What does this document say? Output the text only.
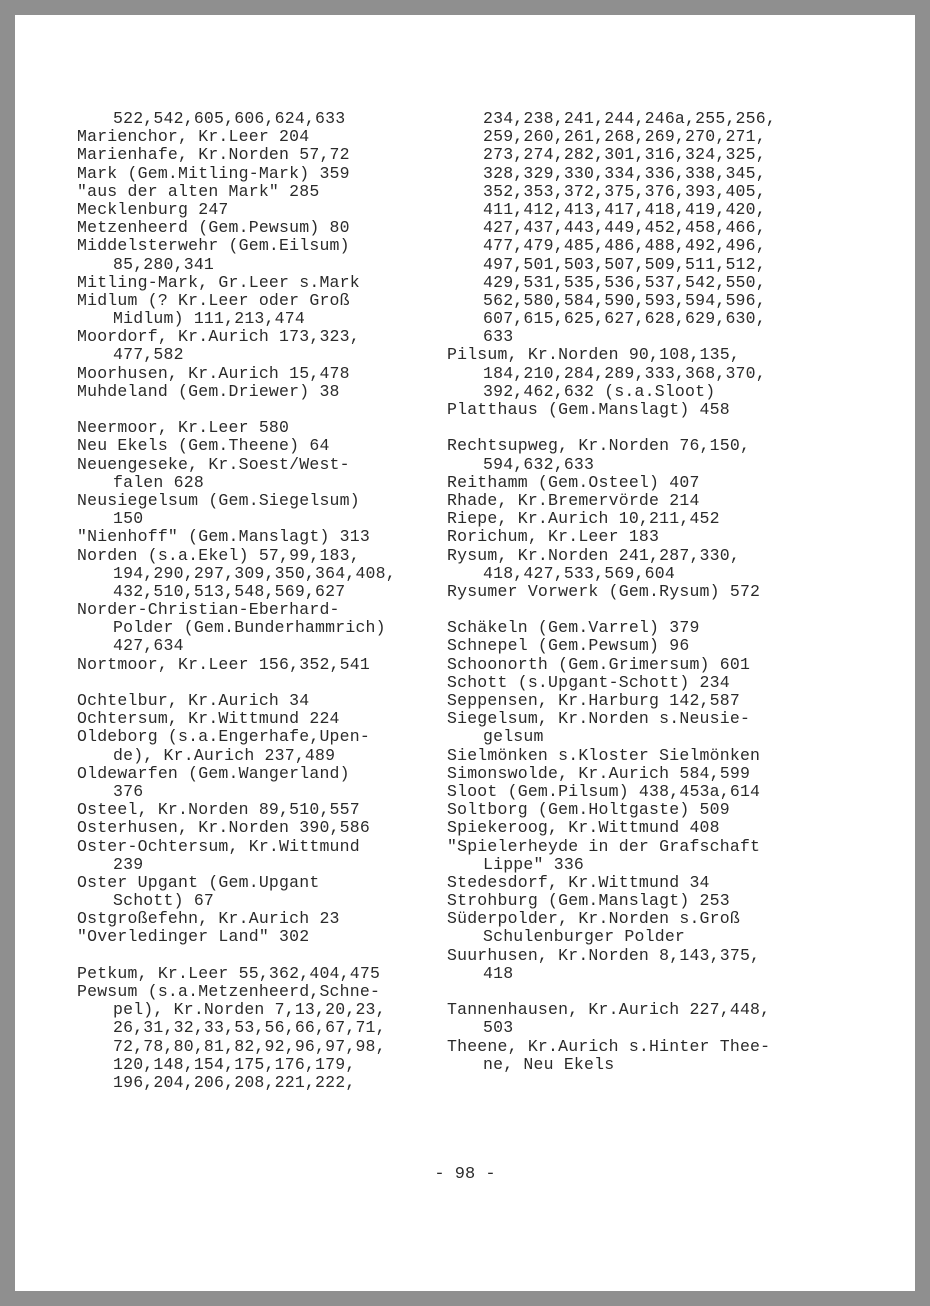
522,542,605,606,624,633
Marienchor, Kr.Leer 204
Marienhafe, Kr.Norden 57,72
Mark (Gem.Mitling-Mark) 359
"aus der alten Mark" 285
Mecklenburg 247
Metzenheerd (Gem.Pewsum) 80
Middelsterwehr (Gem.Eilsum)
85,280,341
Mitling-Mark, Gr.Leer s.Mark
Midlum (? Kr.Leer oder Groß
Midlum) 111,213,474
Moordorf, Kr.Aurich 173,323,
477,582
Moorhusen, Kr.Aurich 15,478
Muhdeland (Gem.Driewer) 38
Neermoor, Kr.Leer 580
Neu Ekels (Gem.Theene) 64
Neuengeseke, Kr.Soest/West-
falen 628
Neusiegelsum (Gem.Siegelsum)
150
"Nienhoff" (Gem.Manslagt) 313
Norden (s.a.Ekel) 57,99,183,
194,290,297,309,350,364,408,
432,510,513,548,569,627
Norder-Christian-Eberhard-
Polder (Gem.Bunderhammrich)
427,634
Nortmoor, Kr.Leer 156,352,541
Ochtelbur, Kr.Aurich 34
Ochtersum, Kr.Wittmund 224
Oldeborg (s.a.Engerhafe,Upen-
de), Kr.Aurich 237,489
Oldewarfen (Gem.Wangerland)
376
Osteel, Kr.Norden 89,510,557
Osterhusen, Kr.Norden 390,586
Oster-Ochtersum, Kr.Wittmund
239
Oster Upgant (Gem.Upgant
Schott) 67
Ostgroßefehn, Kr.Aurich 23
"Overledinger Land" 302
Petkum, Kr.Leer 55,362,404,475
Pewsum (s.a.Metzenheerd,Schne-
pel), Kr.Norden 7,13,20,23,
26,31,32,33,53,56,66,67,71,
72,78,80,81,82,92,96,97,98,
120,148,154,175,176,179,
196,204,206,208,221,222,
234,238,241,244,246a,255,256,
259,260,261,268,269,270,271,
273,274,282,301,316,324,325,
328,329,330,334,336,338,345,
352,353,372,375,376,393,405,
411,412,413,417,418,419,420,
427,437,443,449,452,458,466,
477,479,485,486,488,492,496,
497,501,503,507,509,511,512,
429,531,535,536,537,542,550,
562,580,584,590,593,594,596,
607,615,625,627,628,629,630,
633
Pilsum, Kr.Norden 90,108,135,
184,210,284,289,333,368,370,
392,462,632 (s.a.Sloot)
Platthaus (Gem.Manslagt) 458
Rechtsupweg, Kr.Norden 76,150,
594,632,633
Reithamm (Gem.Osteel) 407
Rhade, Kr.Bremervörde 214
Riepe, Kr.Aurich 10,211,452
Rorichum, Kr.Leer 183
Rysum, Kr.Norden 241,287,330,
418,427,533,569,604
Rysumer Vorwerk (Gem.Rysum) 572
Schäkeln (Gem.Varrel) 379
Schnepel (Gem.Pewsum) 96
Schoonorth (Gem.Grimersum) 601
Schott (s.Upgant-Schott) 234
Seppensen, Kr.Harburg 142,587
Siegelsum, Kr.Norden s.Neusie-
gelsum
Sielmönken s.Kloster Sielmönken
Simonswolde, Kr.Aurich 584,599
Sloot (Gem.Pilsum) 438,453a,614
Soltborg (Gem.Holtgaste) 509
Spiekeroog, Kr.Wittmund 408
"Spielerheyde in der Grafschaft
Lippe" 336
Stedesdorf, Kr.Wittmund 34
Strohburg (Gem.Manslagt) 253
Süderpolder, Kr.Norden s.Groß
Schulenburger Polder
Suurhusen, Kr.Norden 8,143,375,
418
Tannenhausen, Kr.Aurich 227,448,
503
Theene, Kr.Aurich s.Hinter Thee-
ne, Neu Ekels
- 98 -
